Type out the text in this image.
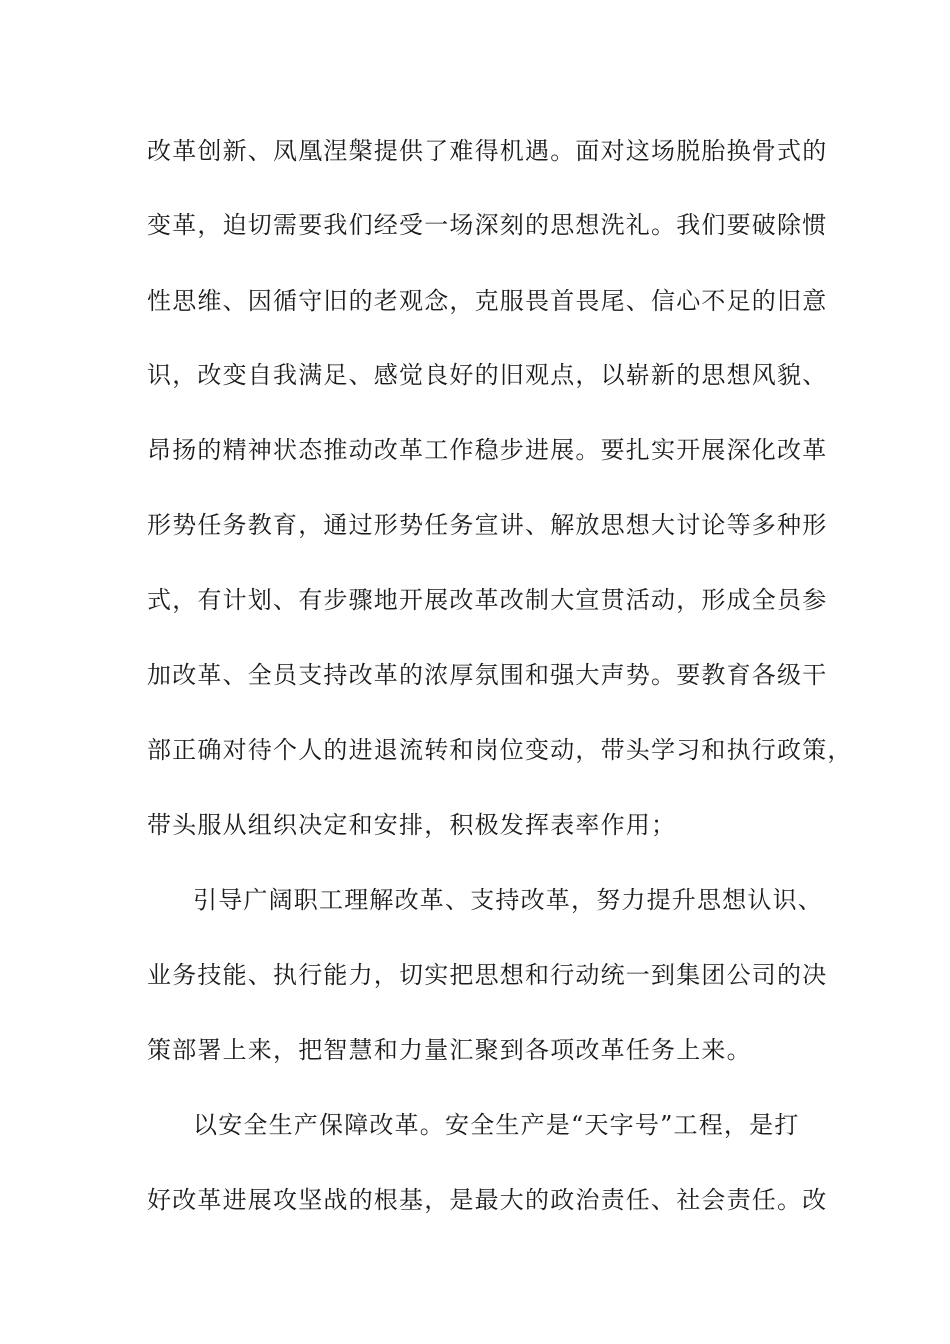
改革创新、凤凰涅槃提供了难得机遇。面对这场脱胎换骨式的
变革，迫切需要我们经受一场深刻的思想洗礼。我们要破除惯
性思维、因循守旧的老观念，克服畏首畏尾、信心不足的旧意
识，改变自我满足、感觉良好的旧观点，以崭新的思想风貌、
昂扬的精神状态推动改革工作稳步进展。要扎实开展深化改革
形势任务教育，通过形势任务宣讲、解放思想大讨论等多种形
式，有计划、有步骤地开展改革改制大宣贯活动，形成全员参
加改革、全员支持改革的浓厚氛围和强大声势。要教育各级干
部正确对待个人的进退流转和岗位变动，带头学习和执行政策，
带头服从组织决定和安排，积极发挥表率作用；
引导广阔职工理解改革、支持改革，努力提升思想认识、
业务技能、执行能力，切实把思想和行动统一到集团公司的决
策部署上来，把智慧和力量汇聚到各项改革任务上来。
以安全生产保障改革。安全生产是“天字号”工程，是打
好改革进展攻坚战的根基，是最大的政治责任、社会责任。改
